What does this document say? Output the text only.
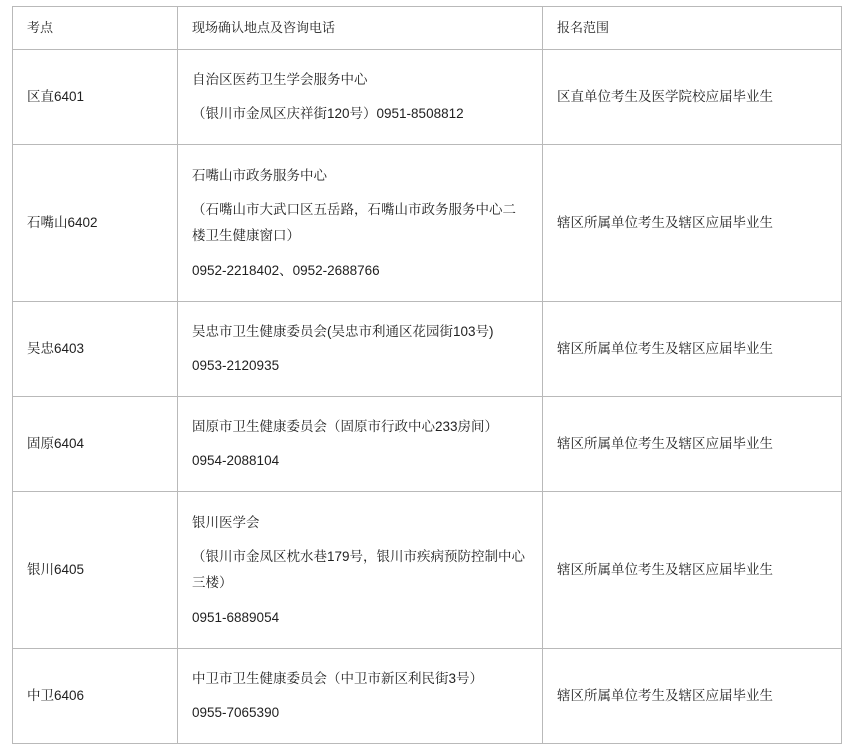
考点	现场确认地点及咨询电话	报名范围
区直6401	自治区医药卫生学会服务中心
（银川市金凤区庆祥街120号）0951-8508812	区直单位考生及医学院校应届毕业生
石嘴山6402	石嘴山市政务服务中心
（石嘴山市大武口区五岳路，石嘴山市政务服务中心二楼卫生健康窗口）
0952-2218402、0952-2688766	辖区所属单位考生及辖区应届毕业生
吴忠6403	吴忠市卫生健康委员会(吴忠市利通区花园街103号)
0953-2120935	辖区所属单位考生及辖区应届毕业生
固原6404	固原市卫生健康委员会（固原市行政中心233房间）
0954-2088104	辖区所属单位考生及辖区应届毕业生
银川6405	银川医学会
（银川市金凤区枕水巷179号，银川市疾病预防控制中心三楼）
0951-6889054	辖区所属单位考生及辖区应届毕业生
中卫6406	中卫市卫生健康委员会（中卫市新区利民街3号）
0955-7065390	辖区所属单位考生及辖区应届毕业生
